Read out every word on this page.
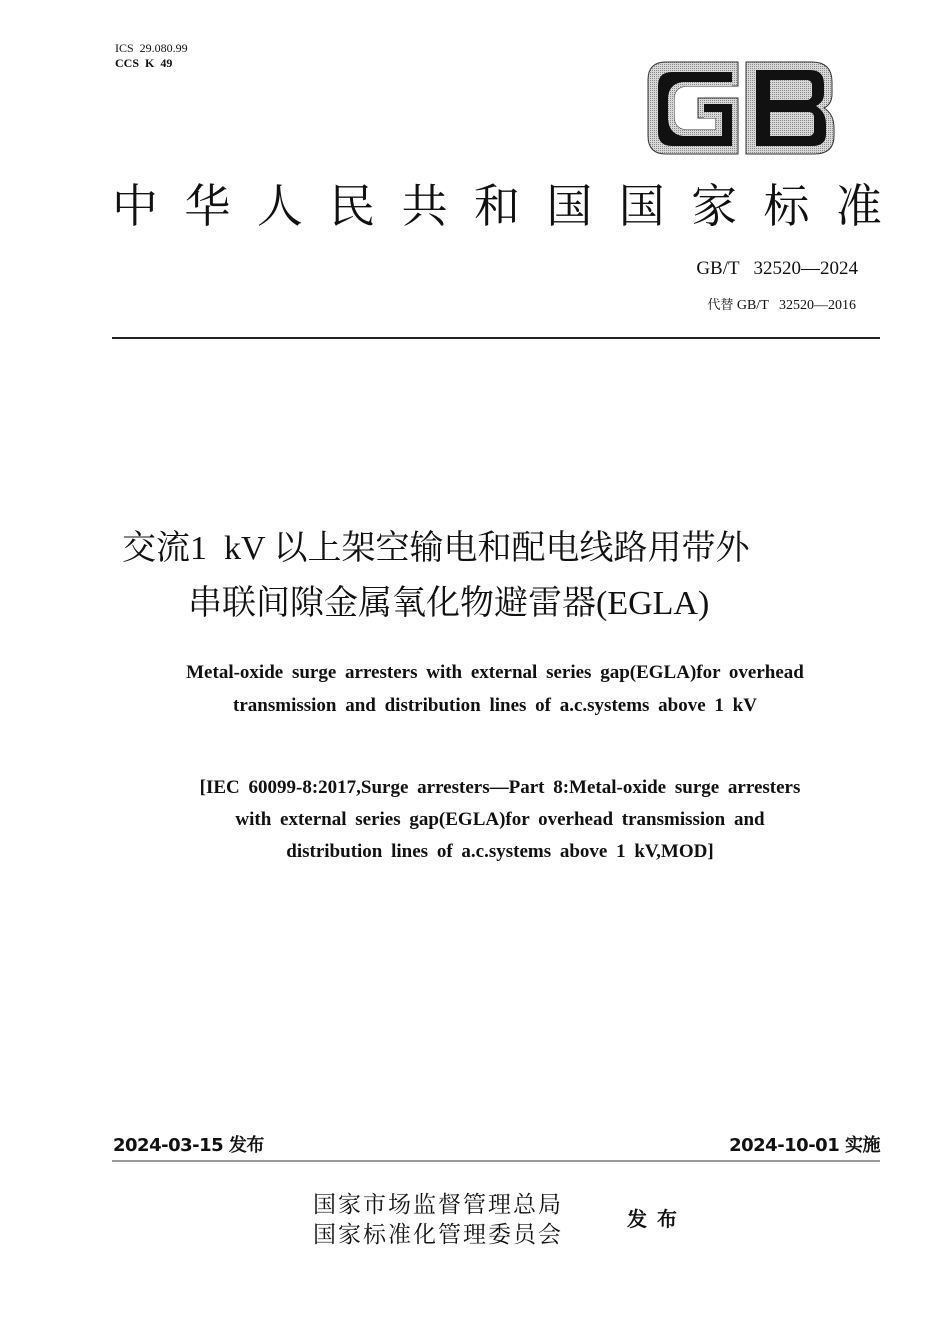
ICS  29.080.99
CCS  K  49
中 华 人 民 共 和 国 国 家 标 准
GB/T   32520—2024
代替 GB/T   32520—2016
交流1  kV 以上架空输电和配电线路用带外
串联间隙金属氧化物避雷器(EGLA)
Metal-oxide surge arresters with external series gap(EGLA)for overhead
transmission and distribution lines of a.c.systems above 1 kV
[IEC 60099-8:2017,Surge arresters—Part 8:Metal-oxide surge arresters
with external series gap(EGLA)for overhead transmission and
distribution lines of a.c.systems above 1 kV,MOD]
2024-03-15 发布	2024-10-01 实施
国家市场监督管理总局
国家标准化管理委员会
发布
